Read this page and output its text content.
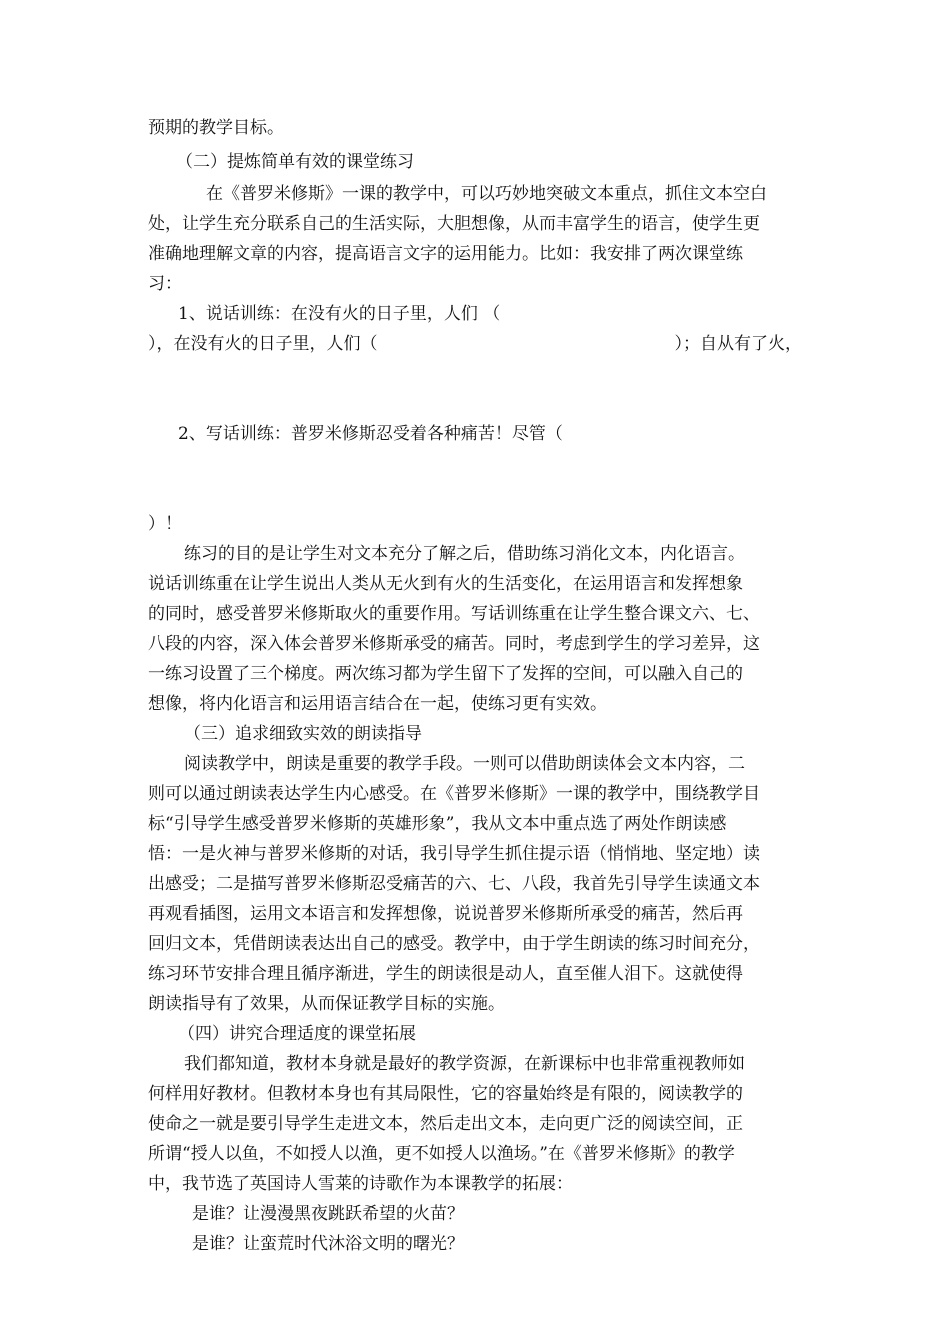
预期的教学目标。
（二）提炼简单有效的课堂练习
在《普罗米修斯》一课的教学中，可以巧妙地突破文本重点，抓住文本空白
处，让学生充分联系自己的生活实际，大胆想像，从而丰富学生的语言，使学生更
准确地理解文章的内容，提高语言文字的运用能力。比如：我安排了两次课堂练
习：
1、说话训练：在没有火的日子里，人们 （
），在没有火的日子里，人们（	）；自从有了火，
2、写话训练：普罗米修斯忍受着各种痛苦！尽管（
）！
练习的目的是让学生对文本充分了解之后，借助练习消化文本，内化语言。
说话训练重在让学生说出人类从无火到有火的生活变化，在运用语言和发挥想象
的同时，感受普罗米修斯取火的重要作用。写话训练重在让学生整合课文六、七、
八段的内容，深入体会普罗米修斯承受的痛苦。同时，考虑到学生的学习差异，这
一练习设置了三个梯度。两次练习都为学生留下了发挥的空间，可以融入自己的
想像，将内化语言和运用语言结合在一起，使练习更有实效。
（三）追求细致实效的朗读指导
阅读教学中，朗读是重要的教学手段。一则可以借助朗读体会文本内容，二
则可以通过朗读表达学生内心感受。在《普罗米修斯》一课的教学中，围绕教学目
标“引导学生感受普罗米修斯的英雄形象”，我从文本中重点选了两处作朗读感
悟：一是火神与普罗米修斯的对话，我引导学生抓住提示语（悄悄地、坚定地）读
出感受；二是描写普罗米修斯忍受痛苦的六、七、八段，我首先引导学生读通文本
再观看插图，运用文本语言和发挥想像，说说普罗米修斯所承受的痛苦，然后再
回归文本，凭借朗读表达出自己的感受。教学中，由于学生朗读的练习时间充分，
练习环节安排合理且循序渐进，学生的朗读很是动人，直至催人泪下。这就使得
朗读指导有了效果，从而保证教学目标的实施。
（四）讲究合理适度的课堂拓展
我们都知道，教材本身就是最好的教学资源，在新课标中也非常重视教师如
何样用好教材。但教材本身也有其局限性，它的容量始终是有限的，阅读教学的
使命之一就是要引导学生走进文本，然后走出文本，走向更广泛的阅读空间，正
所谓“授人以鱼，不如授人以渔，更不如授人以渔场。”在《普罗米修斯》的教学
中，我节选了英国诗人雪莱的诗歌作为本课教学的拓展：
是谁？让漫漫黑夜跳跃希望的火苗？
是谁？让蛮荒时代沐浴文明的曙光？
